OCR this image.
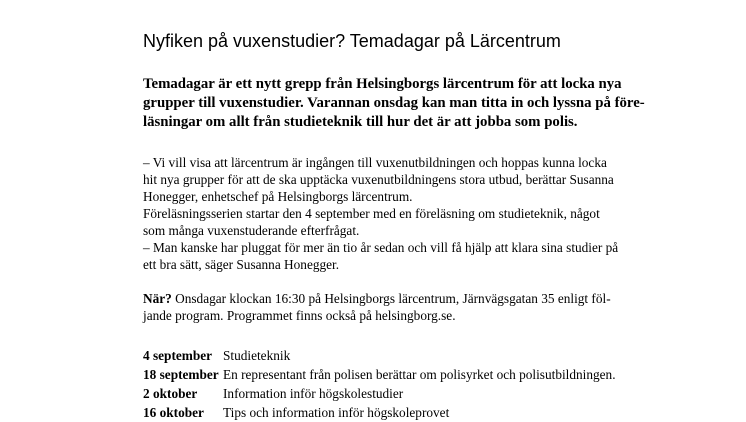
Nyfiken på vuxenstudier? Temadagar på Lärcentrum

Temadagar är ett nytt grepp från Helsingborgs lärcentrum för att locka nya
grupper till vuxenstudier. Varannan onsdag kan man titta in och lyssna på före-
läsningar om allt från studieteknik till hur det är att jobba som polis.

– Vi vill visa att lärcentrum är ingången till vuxenutbildningen och hoppas kunna locka
hit nya grupper för att de ska upptäcka vuxenutbildningens stora utbud, berättar Susanna
Honegger, enhetschef på Helsingborgs lärcentrum.

Föreläsningsserien startar den 4 september med en föreläsning om studieteknik, något
som många vuxenstuderande efterfrågat.

– Man kanske har pluggat för mer än tio år sedan och vill få hjälp att klara sina studier på
ett bra sätt, säger Susanna Honegger.

När? Onsdagar klockan 16:30 på Helsingborgs lärcentrum, Järnvägsgatan 35 enligt föl-
jande program. Programmet finns också på helsingborg.se.

4 september Studieteknik
18 september En representant från polisen berättar om polisyrket och polisutbildningen.
2 oktober Information inför högskolestudier
16 oktober Tips och information inför högskoleprovet
